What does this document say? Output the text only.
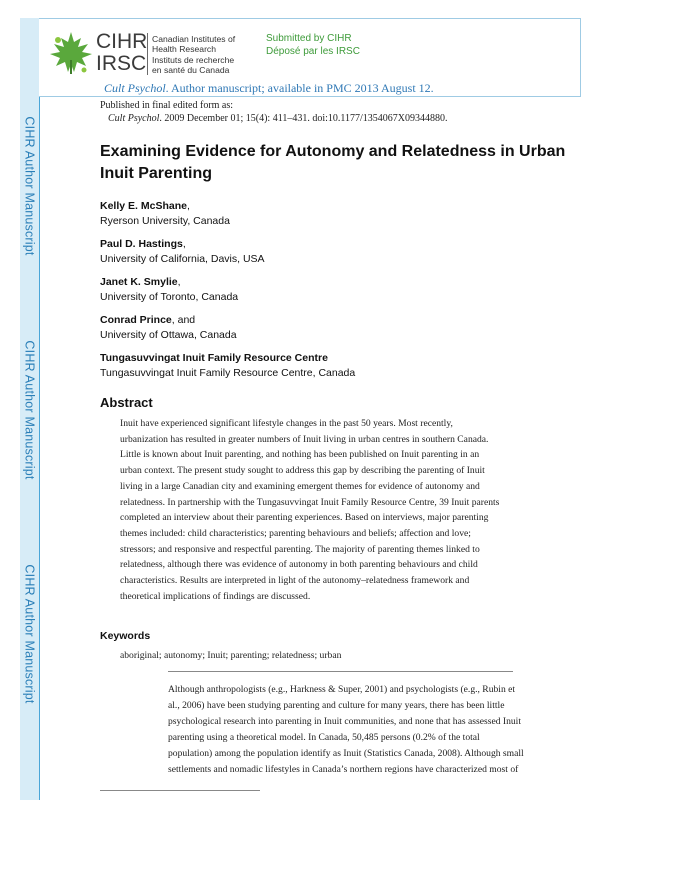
CIHR Author Manuscript
CIHR Author Manuscript
CIHR Author Manuscript
CIHR
IRSC
Canadian Institutes of
Health Research
Instituts de recherche
en santé du Canada
Submitted by CIHR
Déposé par les IRSC
Cult Psychol. Author manuscript; available in PMC 2013 August 12.
Published in final edited form as:
Cult Psychol. 2009 December 01; 15(4): 411–431. doi:10.1177/1354067X09344880.
Examining Evidence for Autonomy and Relatedness in Urban Inuit Parenting
Kelly E. McShane,
Ryerson University, Canada
Paul D. Hastings,
University of California, Davis, USA
Janet K. Smylie,
University of Toronto, Canada
Conrad Prince, and
University of Ottawa, Canada
Tungasuvvingat Inuit Family Resource Centre
Tungasuvvingat Inuit Family Resource Centre, Canada
Abstract
Inuit have experienced significant lifestyle changes in the past 50 years. Most recently,
urbanization has resulted in greater numbers of Inuit living in urban centres in southern Canada.
Little is known about Inuit parenting, and nothing has been published on Inuit parenting in an
urban context. The present study sought to address this gap by describing the parenting of Inuit
living in a large Canadian city and examining emergent themes for evidence of autonomy and
relatedness. In partnership with the Tungasuvvingat Inuit Family Resource Centre, 39 Inuit parents
completed an interview about their parenting experiences. Based on interviews, major parenting
themes included: child characteristics; parenting behaviours and beliefs; affection and love;
stressors; and responsive and respectful parenting. The majority of parenting themes linked to
relatedness, although there was evidence of autonomy in both parenting behaviours and child
characteristics. Results are interpreted in light of the autonomy–relatedness framework and
theoretical implications of findings are discussed.
Keywords
aboriginal; autonomy; Inuit; parenting; relatedness; urban
Although anthropologists (e.g., Harkness & Super, 2001) and psychologists (e.g., Rubin et
al., 2006) have been studying parenting and culture for many years, there has been little
psychological research into parenting in Inuit communities, and none that has assessed Inuit
parenting using a theoretical model. In Canada, 50,485 persons (0.2% of the total
population) among the population identify as Inuit (Statistics Canada, 2008). Although small
settlements and nomadic lifestyles in Canada’s northern regions have characterized most of
